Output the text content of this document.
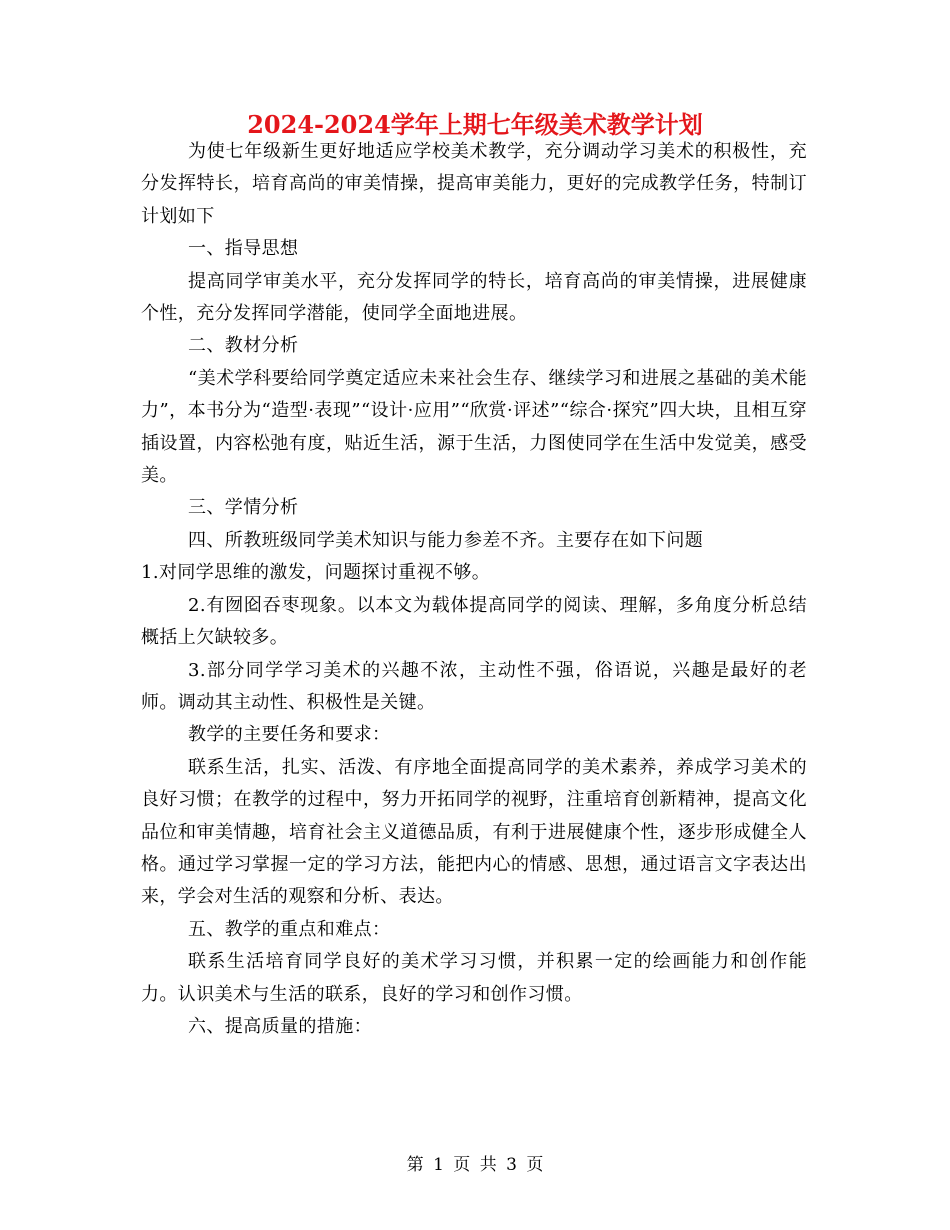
2024-2024学年上期七年级美术教学计划

为使七年级新生更好地适应学校美术教学，充分调动学习美术的积极性，充分发挥特长，培育高尚的审美情操，提高审美能力，更好的完成教学任务，特制订计划如下

一、指导思想

提高同学审美水平，充分发挥同学的特长，培育高尚的审美情操，进展健康个性，充分发挥同学潜能，使同学全面地进展。

二、教材分析

“美术学科要给同学奠定适应未来社会生存、继续学习和进展之基础的美术能力”，本书分为“造型·表现”“设计·应用”“欣赏·评述”“综合·探究”四大块，且相互穿插设置，内容松弛有度，贴近生活，源于生活，力图使同学在生活中发觉美，感受美。

三、学情分析

四、所教班级同学美术知识与能力参差不齐。主要存在如下问题

1.对同学思维的激发，问题探讨重视不够。

2.有囫囵吞枣现象。以本文为载体提高同学的阅读、理解，多角度分析总结概括上欠缺较多。

3.部分同学学习美术的兴趣不浓，主动性不强，俗语说，兴趣是最好的老师。调动其主动性、积极性是关键。

教学的主要任务和要求：

联系生活，扎实、活泼、有序地全面提高同学的美术素养，养成学习美术的良好习惯；在教学的过程中，努力开拓同学的视野，注重培育创新精神，提高文化品位和审美情趣，培育社会主义道德品质，有利于进展健康个性，逐步形成健全人格。通过学习掌握一定的学习方法，能把内心的情感、思想，通过语言文字表达出来，学会对生活的观察和分析、表达。

五、教学的重点和难点：

联系生活培育同学良好的美术学习习惯，并积累一定的绘画能力和创作能力。认识美术与生活的联系，良好的学习和创作习惯。

六、提高质量的措施：

第 1 页 共 3 页
